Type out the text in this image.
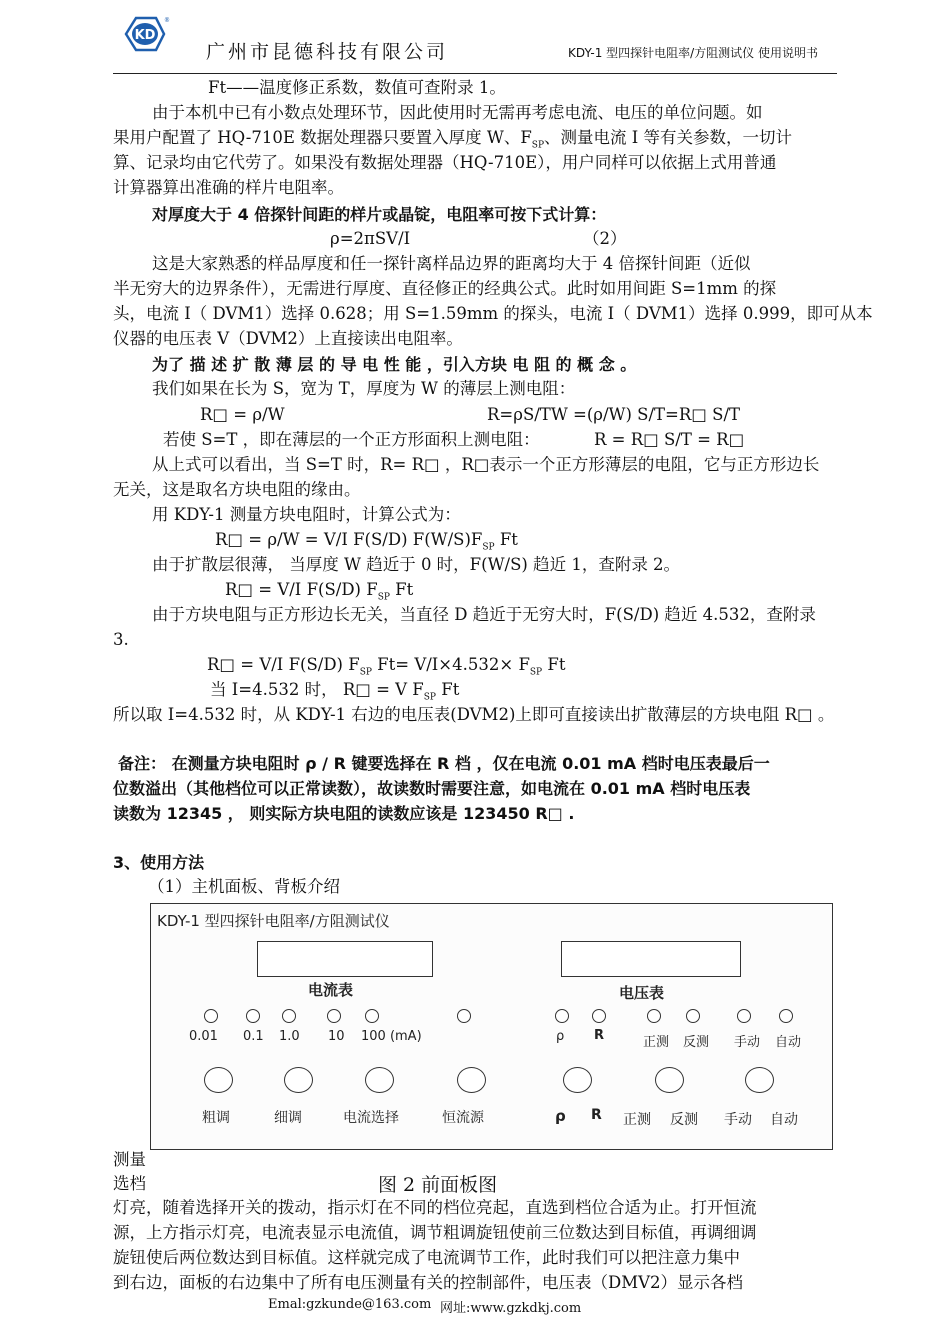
KD
®
广州市昆德科技有限公司	KDY-1 型四探针电阻率/方阻测试仪 使用说明书
Ft——温度修正系数，数值可查附录 1。
由于本机中已有小数点处理环节，因此使用时无需再考虑电流、电压的单位问题。如
果用户配置了 HQ-710E 数据处理器只要置入厚度 W、$F_{SP}$、测量电流 I 等有关参数，一切计
算、记录均由它代劳了。如果没有数据处理器（HQ-710E），用户同样可以依据上式用普通
计算器算出准确的样片电阻率。
对厚度大于 4 倍探针间距的样片或晶锭，电阻率可按下式计算：
ρ=2πSV/I	（2）
这是大家熟悉的样品厚度和任一探针离样品边界的距离均大于 4 倍探针间距（近似
半无穷大的边界条件），无需进行厚度、直径修正的经典公式。此时如用间距 S=1mm 的探
头，电流 I（ DVM1）选择 0.628；用 S=1.59mm 的探头，电流 I（ DVM1）选择 0.999，即可从本
仪器的电压表 V（DVM2）上直接读出电阻率。
为了 描 述 扩 散 薄 层 的 导 电 性 能 ，引入方块 电 阻 的 概 念 。
我们如果在长为 S，宽为 T，厚度为 W 的薄层上测电阻：
R□ = ρ/W	R=ρS/TW =(ρ/W) S/T=R□ S/T
若使 S=T ，即在薄层的一个正方形面积上测电阻：	R = R□ S/T = R□
从上式可以看出，当 S=T 时，R= R□ ，R□表示一个正方形薄层的电阻，它与正方形边长
无关，这是取名方块电阻的缘由。
用 KDY-1 测量方块电阻时，计算公式为：
R□ = ρ/W = V/I F(S/D) $F(W/S)F_{SP}$ Ft
由于扩散层很薄， 当厚度 W 趋近于 0 时，F(W/S) 趋近 1，查附录 2。
R□ = V/I F(S/D) $F_{SP}$ Ft
由于方块电阻与正方形边长无关，当直径 D 趋近于无穷大时，F(S/D) 趋近 4.532，查附录
3.
R□ = V/I F(S/D) $F_{SP}$ $Ft= V/I\times 4.532\times F_{SP}$ Ft
当 I=4.532 时， R□ = V $F_{SP}$ Ft
所以取 I=4.532 时，从 KDY-1 右边的电压表(DVM2)上即可直接读出扩散薄层的方块电阻 R□ 。
备注： 在测量方块电阻时 ρ / R 键要选择在 R 档 ，仅在电流 0.01 mA 档时电压表最后一
位数溢出（其他档位可以正常读数），故读数时需要注意，如电流在 0.01 mA 档时电压表
读数为 12345 ， 则实际方块电阻的读数应该是 123450 R□ .
3、使用方法
（1）主机面板、背板介绍
KDY-1 型四探针电阻率/方阻测试仪
电流表	电压表
0.01 0.1 1.0 10 100 (mA)	ρ R	正测 反测 手动 自动
粗调	细调	电流选择	恒流源	ρ R 正测 反测 手动 自动
测量
选档	图 2 前面板图
灯亮，随着选择开关的拨动，指示灯在不同的档位亮起，直选到档位合适为止。打开恒流
源，上方指示灯亮，电流表显示电流值，调节粗调旋钮使前三位数达到目标值，再调细调
旋钮使后两位数达到目标值。这样就完成了电流调节工作，此时我们可以把注意力集中
到右边，面板的右边集中了所有电压测量有关的控制部件，电压表（DMV2）显示各档
Emal:gzkunde@163.com 网址:www.gzkdkj.com
